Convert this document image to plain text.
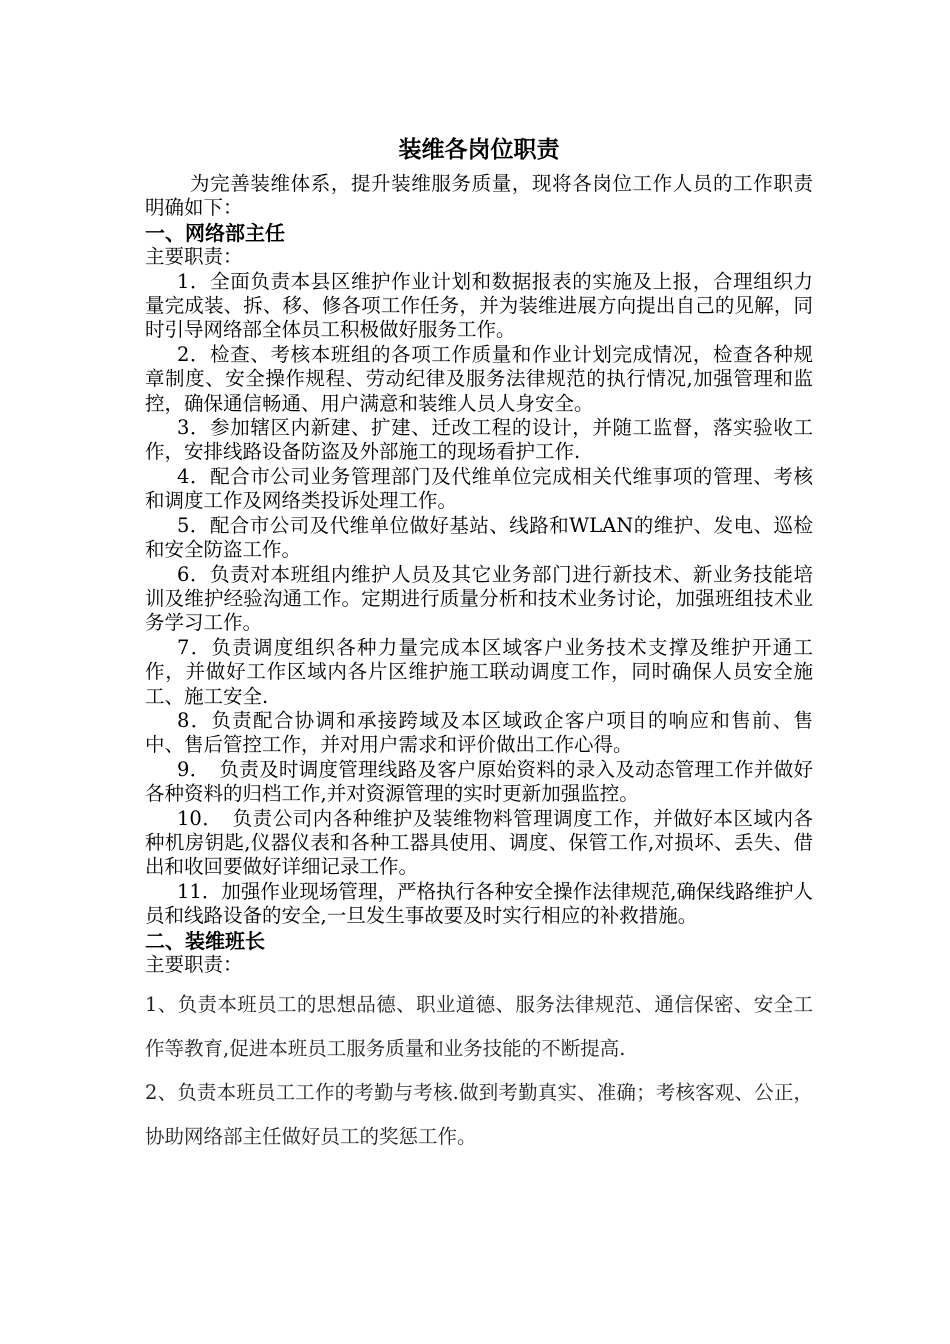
装维各岗位职责

为完善装维体系，提升装维服务质量，现将各岗位工作人员的工作职责明确如下：

一、网络部主任

主要职责：

1．全面负责本县区维护作业计划和数据报表的实施及上报，合理组织力量完成装、拆、移、修各项工作任务，并为装维进展方向提出自己的见解，同时引导网络部全体员工积极做好服务工作。

2．检查、考核本班组的各项工作质量和作业计划完成情况，检查各种规章制度、安全操作规程、劳动纪律及服务法律规范的执行情况,加强管理和监控，确保通信畅通、用户满意和装维人员人身安全。

3．参加辖区内新建、扩建、迁改工程的设计，并随工监督，落实验收工作，安排线路设备防盗及外部施工的现场看护工作.

4．配合市公司业务管理部门及代维单位完成相关代维事项的管理、考核和调度工作及网络类投诉处理工作。

5．配合市公司及代维单位做好基站、线路和WLAN的维护、发电、巡检和安全防盗工作。

6．负责对本班组内维护人员及其它业务部门进行新技术、新业务技能培训及维护经验沟通工作。定期进行质量分析和技术业务讨论，加强班组技术业务学习工作。

7．负责调度组织各种力量完成本区域客户业务技术支撑及维护开通工作，并做好工作区域内各片区维护施工联动调度工作，同时确保人员安全施工、施工安全.

8．负责配合协调和承接跨域及本区域政企客户项目的响应和售前、售中、售后管控工作，并对用户需求和评价做出工作心得。

9．　负责及时调度管理线路及客户原始资料的录入及动态管理工作并做好各种资料的归档工作,并对资源管理的实时更新加强监控。

10．　负责公司内各种维护及装维物料管理调度工作，并做好本区域内各种机房钥匙,仪器仪表和各种工器具使用、调度、保管工作,对损坏、丢失、借出和收回要做好详细记录工作。

11．加强作业现场管理，严格执行各种安全操作法律规范,确保线路维护人员和线路设备的安全,一旦发生事故要及时实行相应的补救措施。

二、装维班长

主要职责：

1、负责本班员工的思想品德、职业道德、服务法律规范、通信保密、安全工作等教育,促进本班员工服务质量和业务技能的不断提高.

2、负责本班员工工作的考勤与考核.做到考勤真实、准确；考核客观、公正，协助网络部主任做好员工的奖惩工作。
